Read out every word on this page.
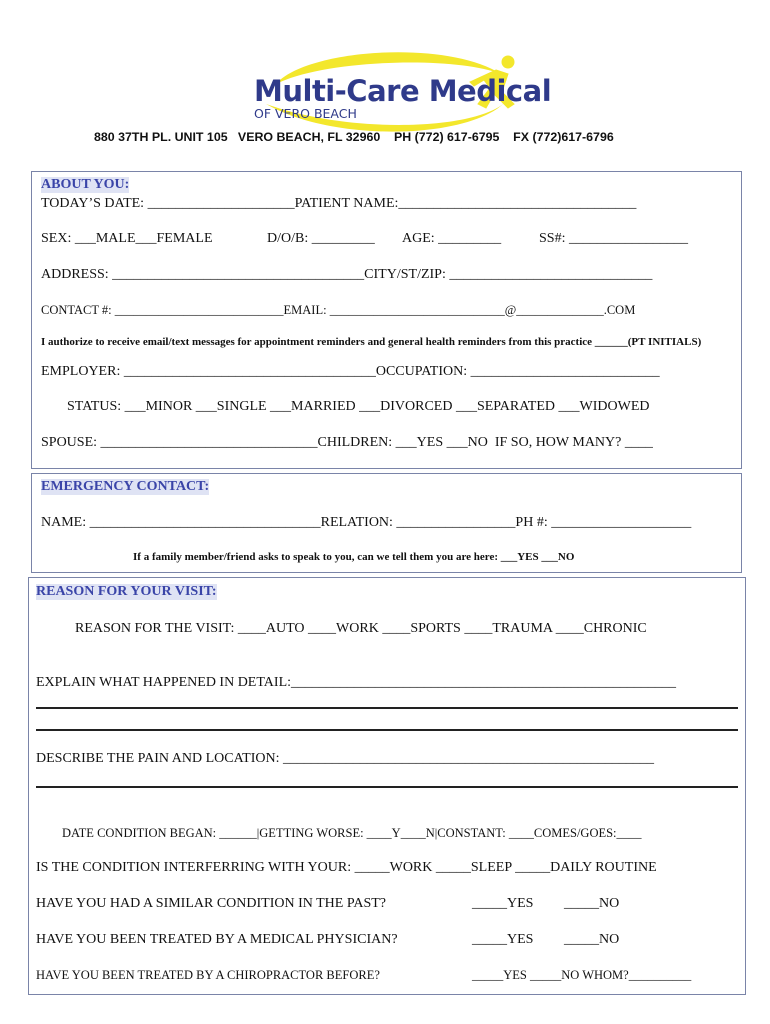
Multi-Care Medical
OF VERO BEACH
880 37TH PL. UNIT 105   VERO BEACH, FL 32960    PH (772) 617-6795    FX (772)617-6796
ABOUT YOU:
TODAY’S DATE: _____________________PATIENT NAME:__________________________________
SEX: ___MALE___FEMALE	D/O/B: _________ AGE: _________	SS#: _________________
ADDRESS: ____________________________________CITY/ST/ZIP: _____________________________
CONTACT #: ___________________________EMAIL: ____________________________@______________.COM
I authorize to receive email/text messages for appointment reminders and general health reminders from this practice ______(PT INITIALS)
EMPLOYER: ____________________________________OCCUPATION: ___________________________
STATUS: ___MINOR ___SINGLE ___MARRIED ___DIVORCED ___SEPARATED ___WIDOWED
SPOUSE: _______________________________CHILDREN: ___YES ___NO  IF SO, HOW MANY? ____
EMERGENCY CONTACT:
NAME: _________________________________RELATION: _________________PH #: ____________________
If a family member/friend asks to speak to you, can we tell them you are here: ___YES ___NO
REASON FOR YOUR VISIT:
REASON FOR THE VISIT: ____AUTO ____WORK ____SPORTS ____TRAUMA ____CHRONIC
EXPLAIN WHAT HAPPENED IN DETAIL:_______________________________________________________
DESCRIBE THE PAIN AND LOCATION: _____________________________________________________
DATE CONDITION BEGAN: ______|GETTING WORSE: ____Y____N|CONSTANT: ____COMES/GOES:____
IS THE CONDITION INTERFERRING WITH YOUR: _____WORK _____SLEEP _____DAILY ROUTINE
HAVE YOU HAD A SIMILAR CONDITION IN THE PAST?	_____YES _____NO
HAVE YOU BEEN TREATED BY A MEDICAL PHYSICIAN?	_____YES _____NO
HAVE YOU BEEN TREATED BY A CHIROPRACTOR BEFORE?	_____YES _____NO WHOM?__________
